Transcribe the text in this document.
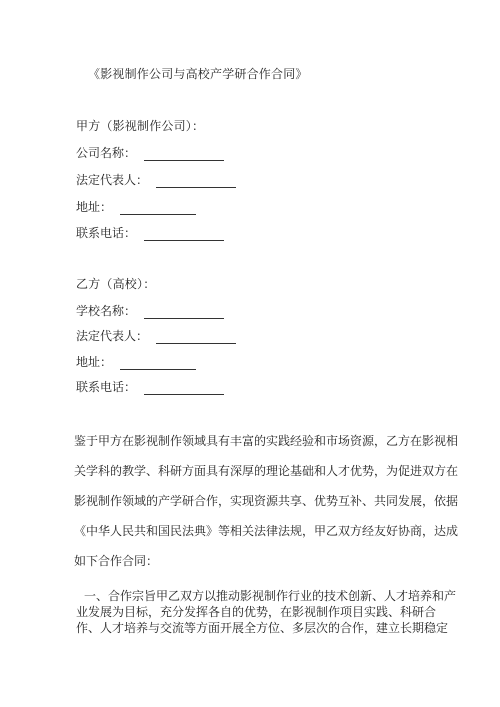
《影视制作公司与高校产学研合作合同》
甲方（影视制作公司）：
公司名称：
法定代表人：
地址：
联系电话：
乙方（高校）：
学校名称：
法定代表人：
地址：
联系电话：
鉴于甲方在影视制作领域具有丰富的实践经验和市场资源，乙方在影视相
关学科的教学、科研方面具有深厚的理论基础和人才优势，为促进双方在
影视制作领域的产学研合作，实现资源共享、优势互补、共同发展，依据
《中华人民共和国民法典》等相关法律法规，甲乙双方经友好协商，达成
如下合作合同：
一、合作宗旨甲乙双方以推动影视制作行业的技术创新、人才培养和产
业发展为目标，充分发挥各自的优势，在影视制作项目实践、科研合
作、人才培养与交流等方面开展全方位、多层次的合作，建立长期稳定
